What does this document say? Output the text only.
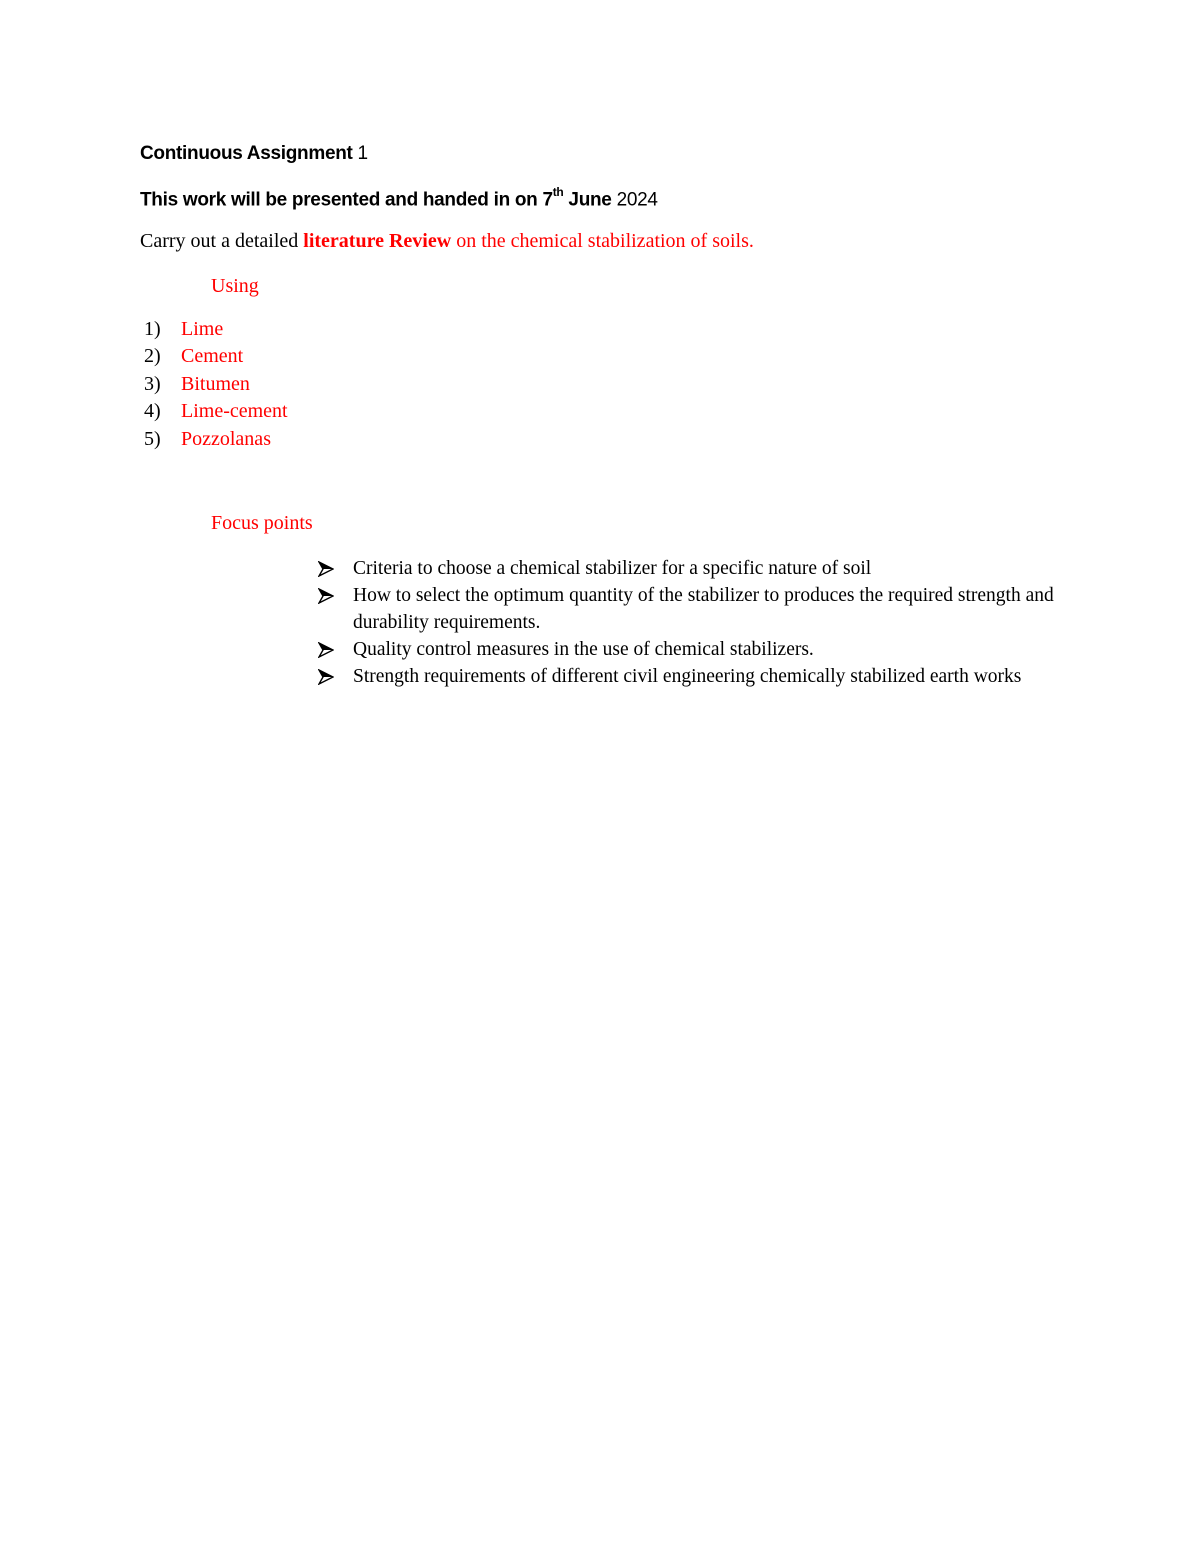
Continuous Assignment 1
This work will be presented and handed in on 7th June 2024
Carry out a detailed literature Review on the chemical stabilization of soils.
Using
1) Lime
2) Cement
3) Bitumen
4) Lime-cement
5) Pozzolanas
Focus points
Criteria to choose a chemical stabilizer for a specific nature of soil
How to select the optimum quantity of the stabilizer to produces the required strength and durability requirements.
Quality control measures in the use of chemical stabilizers.
Strength requirements of different civil engineering chemically stabilized earth works
